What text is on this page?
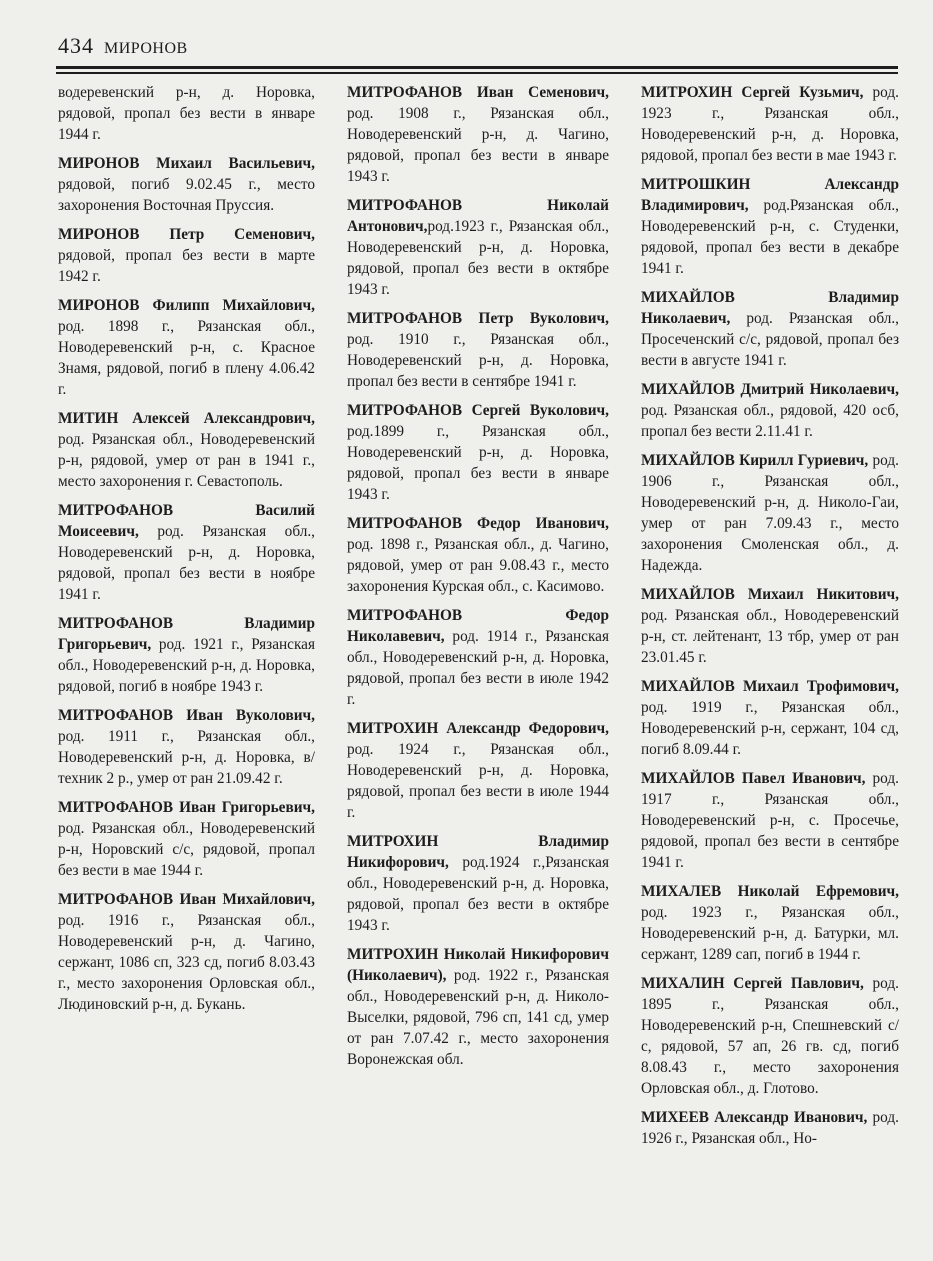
434 МИРОНОВ

водеревенский р-н, д. Норовка, рядовой, пропал без вести в январе 1944 г.

МИРОНОВ Михаил Васильевич, рядовой, погиб 9.02.45 г., место захоронения Восточная Пруссия.

МИРОНОВ Петр Семенович, рядовой, пропал без вести в марте 1942 г.

МИРОНОВ Филипп Михайлович, род. 1898 г., Рязанская обл., Новодеревенский р-н, с. Красное Знамя, рядовой, погиб в плену 4.06.42 г.

МИТИН Алексей Александрович, род. Рязанская обл., Новодеревенский р-н, рядовой, умер от ран в 1941 г., место захоронения г. Севастополь.

МИТРОФАНОВ Василий Моисеевич, род. Рязанская обл., Новодеревенский р-н, д. Норовка, рядовой, пропал без вести в ноябре 1941 г.

МИТРОФАНОВ Владимир Григорьевич, род. 1921 г., Рязанская обл., Новодеревенский р-н, д. Норовка, рядовой, погиб в ноябре 1943 г.

МИТРОФАНОВ Иван Вуколович, род. 1911 г., Рязанская обл., Новодеревенский р-н, д. Норовка, в/техник 2 р., умер от ран 21.09.42 г.

МИТРОФАНОВ Иван Григорьевич, род. Рязанская обл., Новодеревенский р-н, Норовский с/с, рядовой, пропал без вести в мае 1944 г.

МИТРОФАНОВ Иван Михайлович, род. 1916 г., Рязанская обл., Новодеревенский р-н, д. Чагино, сержант, 1086 сп, 323 сд, погиб 8.03.43 г., место захоронения Орловская обл., Людиновский р-н, д. Букань.

МИТРОФАНОВ Иван Семенович, род. 1908 г., Рязанская обл., Новодеревенский р-н, д. Чагино, рядовой, пропал без вести в январе 1943 г.

МИТРОФАНОВ Николай Антонович,род.1923 г., Рязанская обл., Новодеревенский р-н, д. Норовка, рядовой, пропал без вести в октябре 1943 г.

МИТРОФАНОВ Петр Вуколович, род. 1910 г., Рязанская обл., Новодеревенский р-н, д. Норовка, пропал без вести в сентябре 1941 г.

МИТРОФАНОВ Сергей Вуколович, род.1899 г., Рязанская обл., Новодеревенский р-н, д. Норовка, рядовой, пропал без вести в январе 1943 г.

МИТРОФАНОВ Федор Иванович, род. 1898 г., Рязанская обл., д. Чагино, рядовой, умер от ран 9.08.43 г., место захоронения Курская обл., с. Касимово.

МИТРОФАНОВ Федор Николавевич, род. 1914 г., Рязанская обл., Новодеревенский р-н, д. Норовка, рядовой, пропал без вести в июле 1942 г.

МИТРОХИН Александр Федорович, род. 1924 г., Рязанская обл., Новодеревенский р-н, д. Норовка, рядовой, пропал без вести в июле 1944 г.

МИТРОХИН Владимир Никифорович, род.1924 г.,Рязанская обл., Новодеревенский р-н, д. Норовка, рядовой, пропал без вести в октябре 1943 г.

МИТРОХИН Николай Никифорович (Николаевич), род. 1922 г., Рязанская обл., Новодеревенский р-н, д. Николо-Выселки, рядовой, 796 сп, 141 сд, умер от ран 7.07.42 г., место захоронения Воронежская обл.

МИТРОХИН Сергей Кузьмич, род. 1923 г., Рязанская обл., Новодеревенский р-н, д. Норовка, рядовой, пропал без вести в мае 1943 г.

МИТРОШКИН Александр Владимирович, род.Рязанская обл., Новодеревенский р-н, с. Студенки, рядовой, пропал без вести в декабре 1941 г.

МИХАЙЛОВ Владимир Николаевич, род. Рязанская обл., Просеченский с/с, рядовой, пропал без вести в августе 1941 г.

МИХАЙЛОВ Дмитрий Николаевич, род. Рязанская обл., рядовой, 420 осб, пропал без вести 2.11.41 г.

МИХАЙЛОВ Кирилл Гуриевич, род. 1906 г., Рязанская обл., Новодеревенский р-н, д. Николо-Гаи, умер от ран 7.09.43 г., место захоронения Смоленская обл., д. Надежда.

МИХАЙЛОВ Михаил Никитович, род. Рязанская обл., Новодеревенский р-н, ст. лейтенант, 13 тбр, умер от ран 23.01.45 г.

МИХАЙЛОВ Михаил Трофимович, род. 1919 г., Рязанская обл., Новодеревенский р-н, сержант, 104 сд, погиб 8.09.44 г.

МИХАЙЛОВ Павел Иванович, род. 1917 г., Рязанская обл., Новодеревенский р-н, с. Просечье, рядовой, пропал без вести в сентябре 1941 г.

МИХАЛЕВ Николай Ефремович, род. 1923 г., Рязанская обл., Новодеревенский р-н, д. Батурки, мл. сержант, 1289 сап, погиб в 1944 г.

МИХАЛИН Сергей Павлович, род. 1895 г., Рязанская обл., Новодеревенский р-н, Спешневский с/с, рядовой, 57 ап, 26 гв. сд, погиб 8.08.43 г., место захоронения Орловская обл., д. Глотово.

МИХЕЕВ Александр Иванович, род. 1926 г., Рязанская обл., Но-
